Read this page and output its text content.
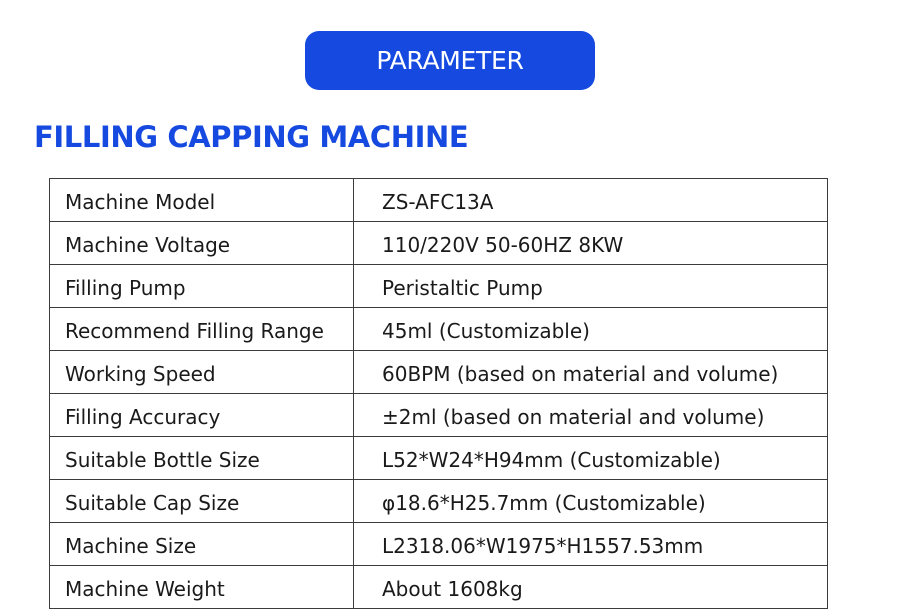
PARAMETER
FILLING CAPPING MACHINE
Machine Model	ZS-AFC13A
Machine Voltage	110/220V 50-60HZ 8KW
Filling Pump	Peristaltic Pump
Recommend Filling Range	45ml (Customizable)
Working Speed	60BPM (based on material and volume)
Filling Accuracy	±2ml (based on material and volume)
Suitable Bottle Size	L52*W24*H94mm (Customizable)
Suitable Cap Size	φ18.6*H25.7mm (Customizable)
Machine Size	L2318.06*W1975*H1557.53mm
Machine Weight	About 1608kg
